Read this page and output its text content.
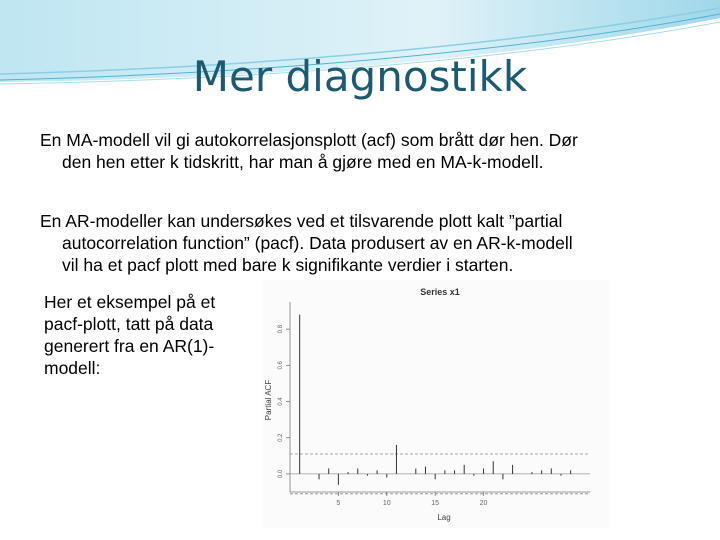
Mer diagnostikk
En MA-modell vil gi autokorrelasjonsplott (acf) som brått dør hen. Dør
den hen etter k tidskritt, har man å gjøre med en MA-k-modell.
En AR-modeller kan undersøkes ved et tilsvarende plott kalt ”partial
autocorrelation function” (pacf). Data produsert av en AR-k-modell
vil ha et pacf plott med bare k signifikante verdier i starten.
Her et eksempel på et
pacf-plott, tatt på data
generert fra en AR(1)-
modell:
Series x1
Lag
Partial ACF
0.0
0.2
0.4
0.6
0.8
5	10	15	20
